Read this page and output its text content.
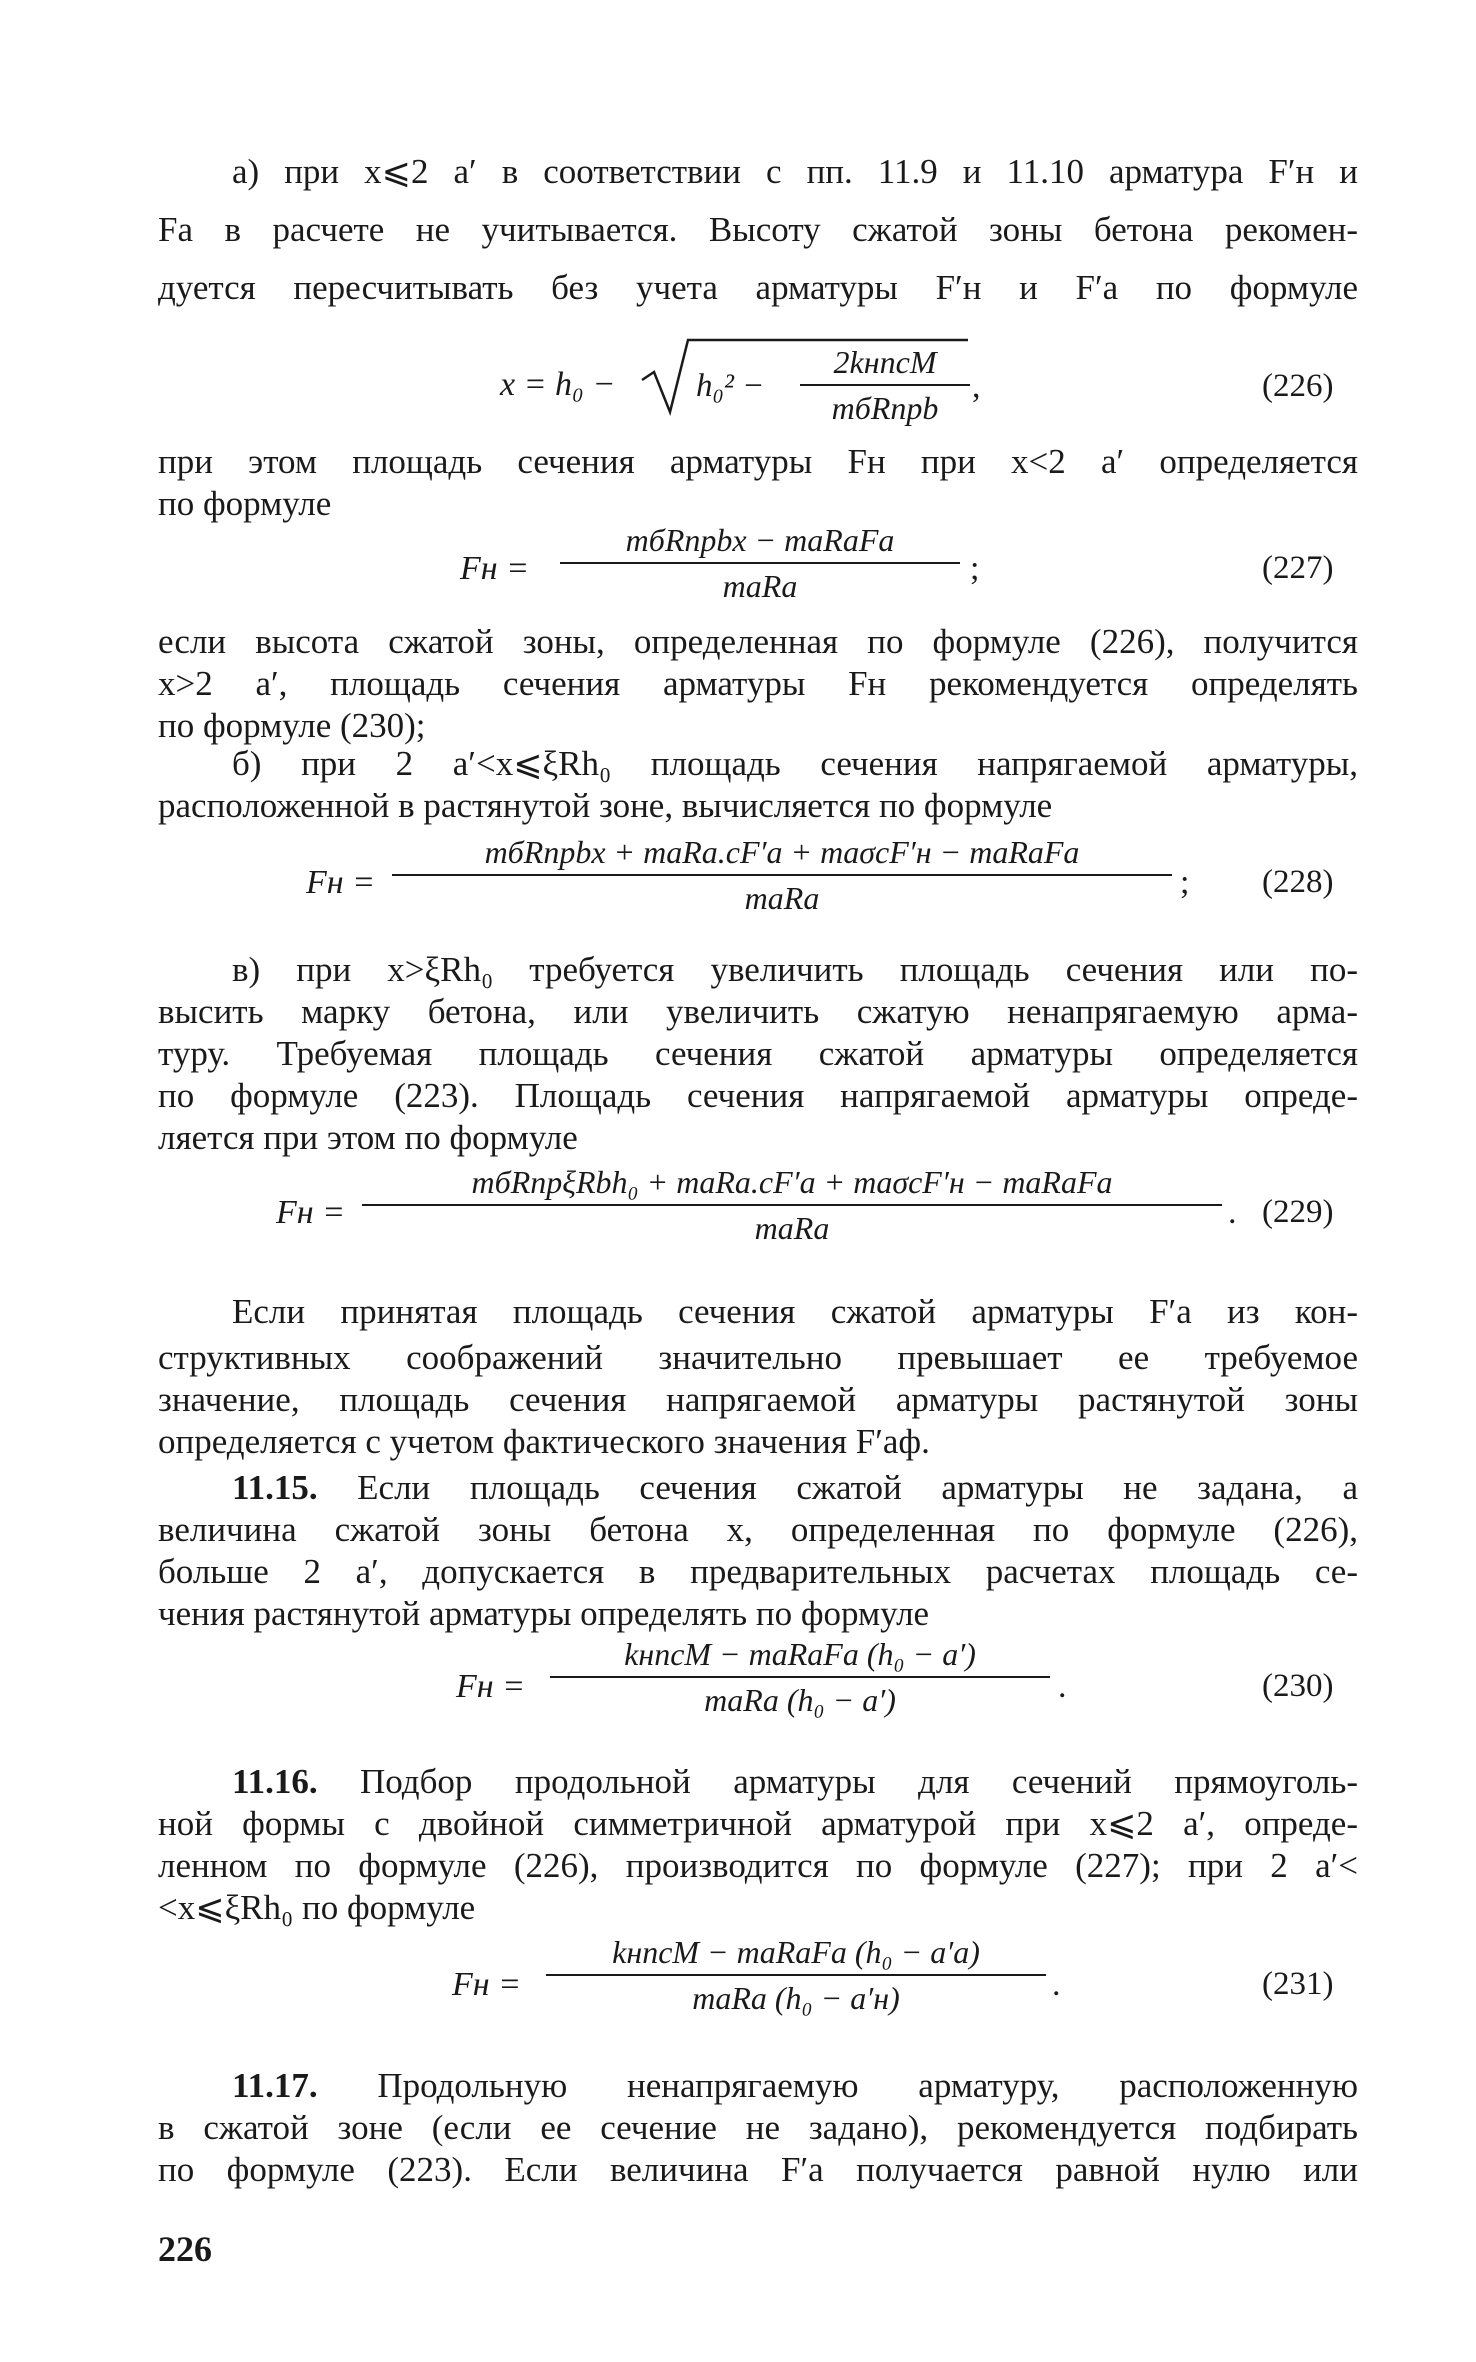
а) при x⩽2 a′ в соответствии с пп. 11.9 и 11.10 арматура F′н и
Fа в расчете не учитывается. Высоту сжатой зоны бетона рекомен-
дуется пересчитывать без учета арматуры F′н и F′а по формуле
x = h₀ − h₀² −
2kнnсM
mбRпрb
,	(226)
при этом площадь сечения арматуры Fн при x<2 a′ определяется
по формуле
Fн =
mбRпрbx − maRaFa
maRa	;	(227)
если высота сжатой зоны, определенная по формуле (226), получится
x>2 a′, площадь сечения арматуры Fн рекомендуется определять
по формуле (230);
б) при 2 a′<x⩽ξRh₀ площадь сечения напрягаемой арматуры,
расположенной в растянутой зоне, вычисляется по формуле
Fн =
mбRпрbx + maRa.сF′a + maσсF′н − maRaFa
maRa	; (228)
в) при x>ξRh₀ требуется увеличить площадь сечения или по-
высить марку бетона, или увеличить сжатую ненапрягаемую арма-
туру. Требуемая площадь сечения сжатой арматуры определяется
по формуле (223). Площадь сечения напрягаемой арматуры опреде-
ляется при этом по формуле
Fн =
mбRпрξRbh₀ + maRa.сF′a + maσсF′н − maRaFa
maRa	. (229)
Если принятая площадь сечения сжатой арматуры F′а из кон-
структивных соображений значительно превышает ее требуемое
значение, площадь сечения напрягаемой арматуры растянутой зоны
определяется с учетом фактического значения F′аф.
11.15. Если площадь сечения сжатой арматуры не задана, а
величина сжатой зоны бетона x, определенная по формуле (226),
больше 2 a′, допускается в предварительных расчетах площадь се-
чения растянутой арматуры определять по формуле
Fн =
kнnсM − maRaFa (h₀ − a′)
maRa (h₀ − a′)	.	(230)
11.16. Подбор продольной арматуры для сечений прямоуголь-
ной формы с двойной симметричной арматурой при x⩽2 a′, опреде-
ленном по формуле (226), производится по формуле (227); при 2 a′<
<x⩽ξRh₀ по формуле
Fн =
kнnсM − maRaFa (h₀ − a′a)
maRa (h₀ − a′н)	.	(231)
11.17. Продольную ненапрягаемую арматуру, расположенную
в сжатой зоне (если ее сечение не задано), рекомендуется подбирать
по формуле (223). Если величина F′а получается равной нулю или
226
